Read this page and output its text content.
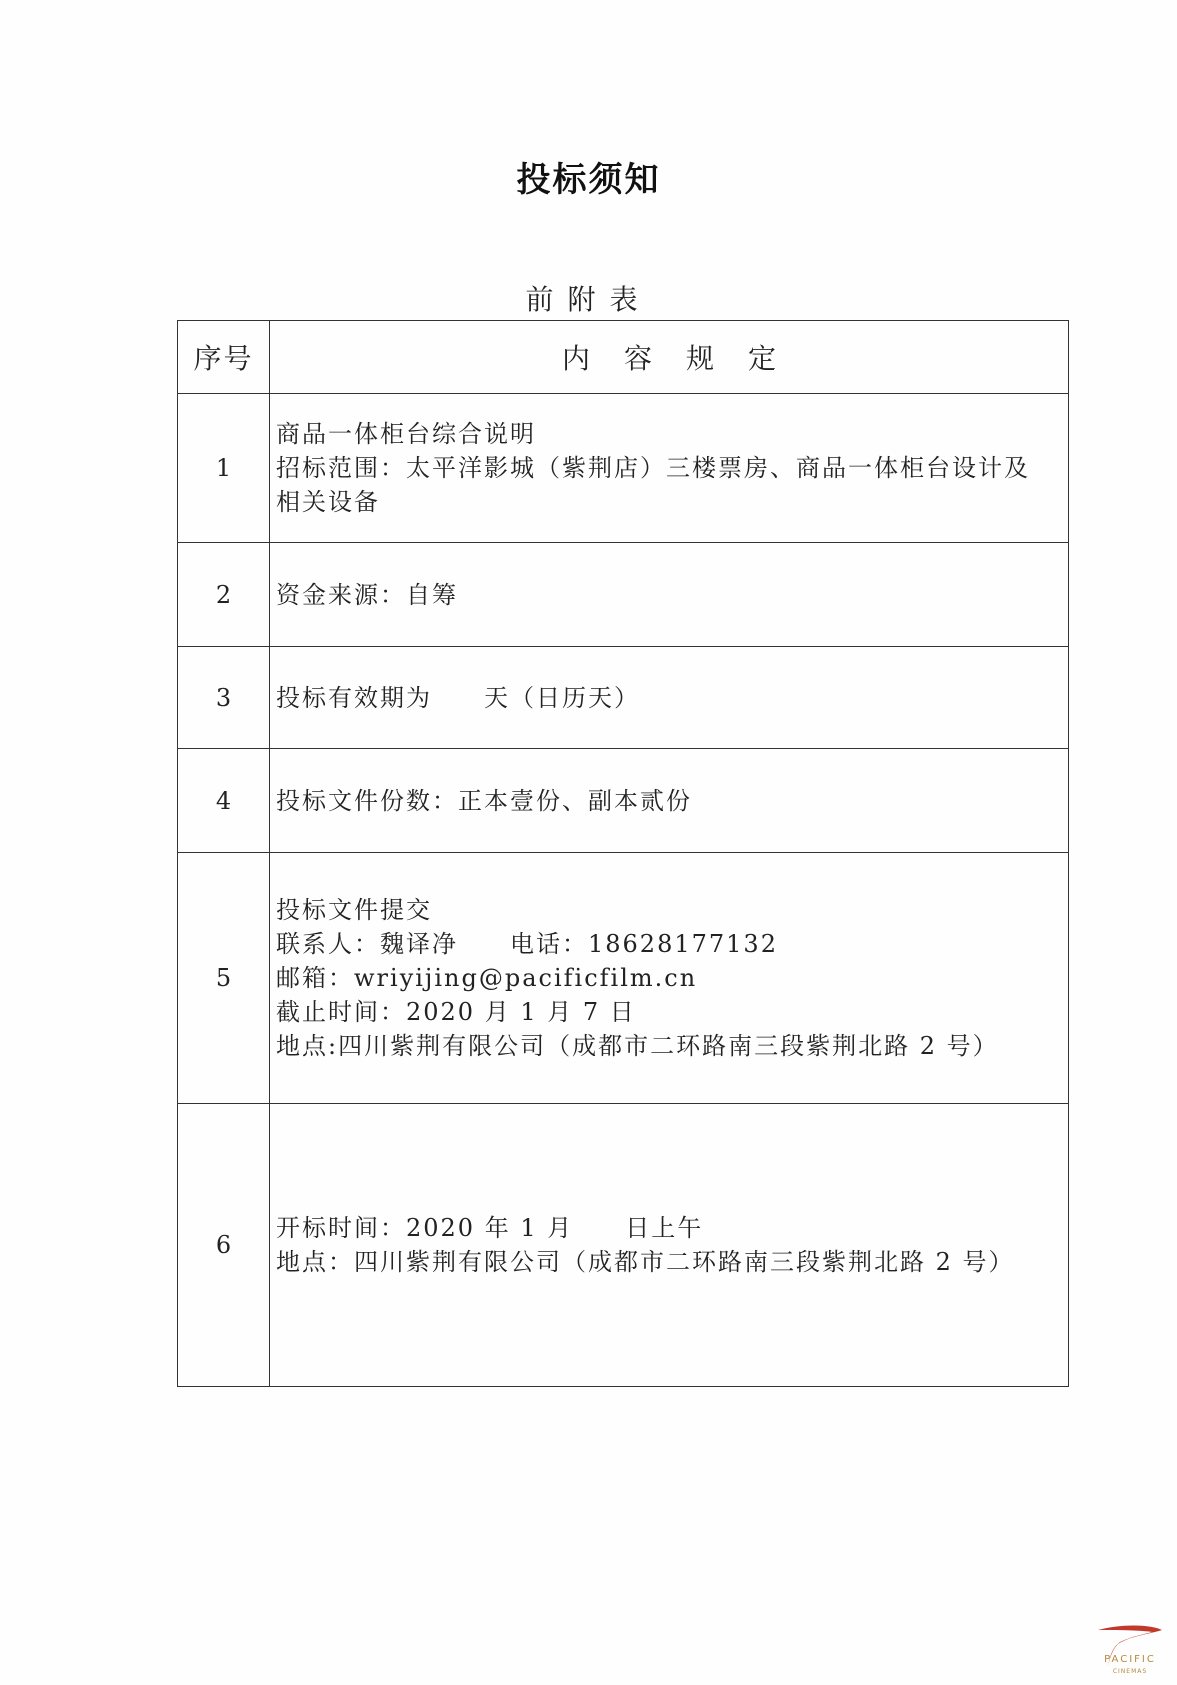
投标须知
前附表
序号	内容规定
1	商品一体柜台综合说明
招标范围：太平洋影城（紫荆店）三楼票房、商品一体柜台设计及
相关设备

2	资金来源：自筹

3	投标有效期为　　天（日历天）

4	投标文件份数：正本壹份、副本贰份

5	投标文件提交
联系人：魏译净　　电话：18628177132
邮箱：wriyijing@pacificfilm.cn
截止时间：2020 月 1 月 7 日
地点:四川紫荆有限公司（成都市二环路南三段紫荆北路 2 号）

6	开标时间：2020 年 1 月　　日上午
地点：四川紫荆有限公司（成都市二环路南三段紫荆北路 2 号）
PACIFIC
CINEMAS
